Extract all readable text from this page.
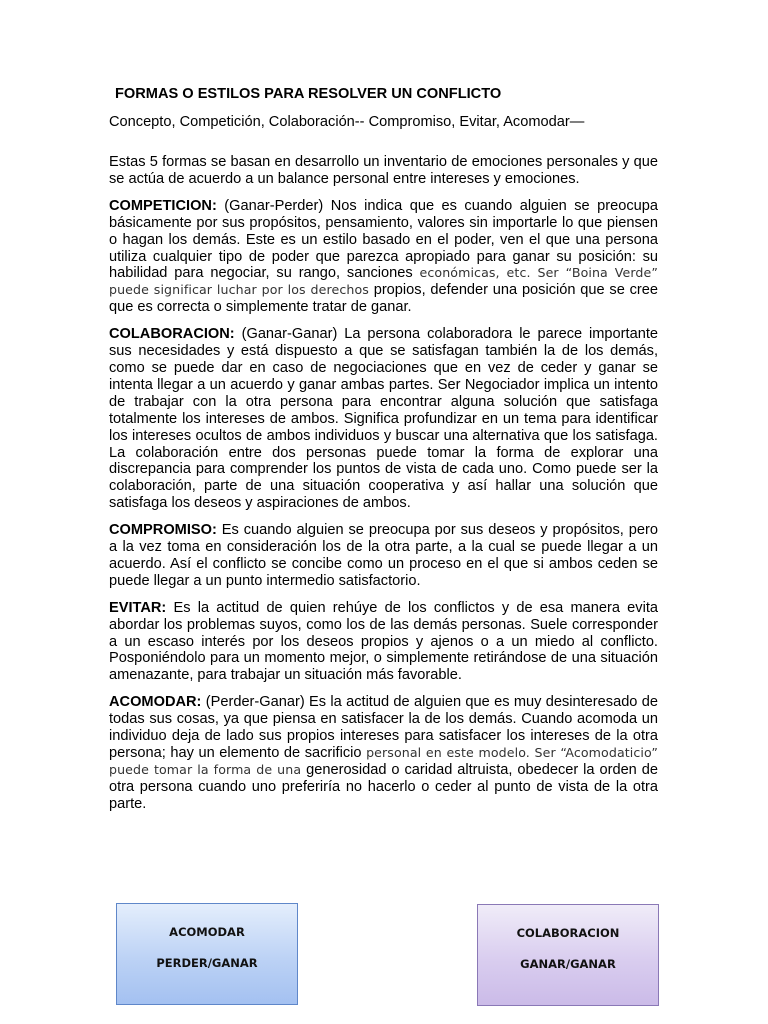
FORMAS O ESTILOS PARA RESOLVER UN CONFLICTO
Concepto, Competición, Colaboración-- Compromiso, Evitar, Acomodar—

Estas 5 formas se basan en desarrollo un inventario de emociones personales y que se actúa de acuerdo a un balance personal entre intereses y emociones.

COMPETICION: (Ganar-Perder) Nos indica que es cuando alguien se preocupa básicamente por sus propósitos, pensamiento, valores sin importarle lo que piensen o hagan los demás. Este es un estilo basado en el poder, ven el que una persona utiliza cualquier tipo de poder que parezca apropiado para ganar su posición: su habilidad para negociar, su rango, sanciones económicas, etc. Ser “Boina Verde” puede significar luchar por los derechos propios, defender una posición que se cree que es correcta o simplemente tratar de ganar.

COLABORACION: (Ganar-Ganar) La persona colaboradora le parece importante sus necesidades y está dispuesto a que se satisfagan también la de los demás, como se puede dar en caso de negociaciones que en vez de ceder y ganar se intenta llegar a un acuerdo y ganar ambas partes. Ser Negociador implica un intento de trabajar con la otra persona para encontrar alguna solución que satisfaga totalmente los intereses de ambos. Significa profundizar en un tema para identificar los intereses ocultos de ambos individuos y buscar una alternativa que los satisfaga. La colaboración entre dos personas puede tomar la forma de explorar una discrepancia para comprender los puntos de vista de cada uno. Como puede ser la colaboración, parte de una situación cooperativa y así hallar una solución que satisfaga los deseos y aspiraciones de ambos.

COMPROMISO: Es cuando alguien se preocupa por sus deseos y propósitos, pero a la vez toma en consideración los de la otra parte, a la cual se puede llegar a un acuerdo. Así el conflicto se concibe como un proceso en el que si ambos ceden se puede llegar a un punto intermedio satisfactorio.

EVITAR: Es la actitud de quien rehúye de los conflictos y de esa manera evita abordar los problemas suyos, como los de las demás personas. Suele corresponder a un escaso interés por los deseos propios y ajenos o a un miedo al conflicto. Posponiéndolo para un momento mejor, o simplemente retirándose de una situación amenazante, para trabajar un situación más favorable.

ACOMODAR: (Perder-Ganar) Es la actitud de alguien que es muy desinteresado de todas sus cosas, ya que piensa en satisfacer la de los demás. Cuando acomoda un individuo deja de lado sus propios intereses para satisfacer los intereses de la otra persona; hay un elemento de sacrificio personal en este modelo. Ser “Acomodaticio” puede tomar la forma de una generosidad o caridad altruista, obedecer la orden de otra persona cuando uno preferiría no hacerlo o ceder al punto de vista de la otra parte.

ACOMODAR
PERDER/GANAR
COLABORACION
GANAR/GANAR
